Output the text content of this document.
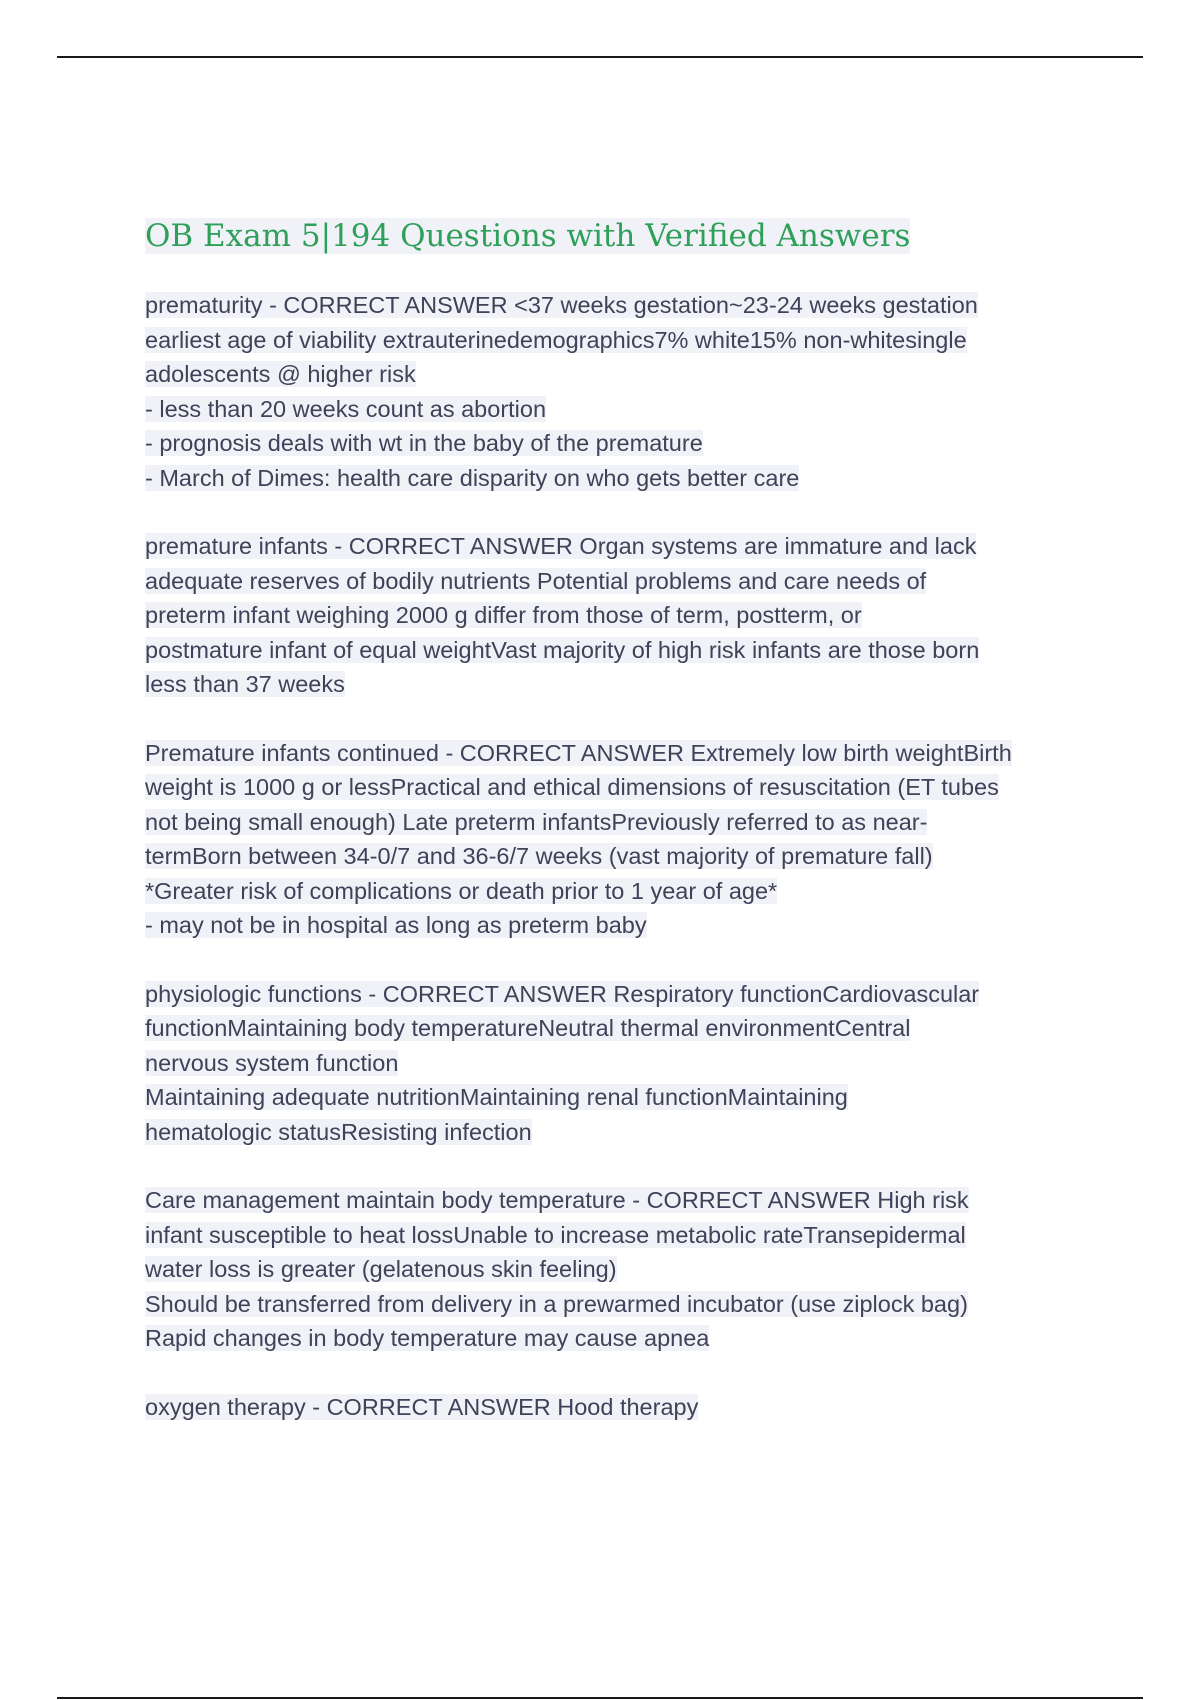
OB Exam 5|194 Questions with Verified Answers
prematurity - CORRECT ANSWER <37 weeks gestation~23-24 weeks gestation
earliest age of viability extrauterinedemographics7% white15% non-whitesingle
adolescents @ higher risk
- less than 20 weeks count as abortion
- prognosis deals with wt in the baby of the premature
- March of Dimes: health care disparity on who gets better care
premature infants - CORRECT ANSWER Organ systems are immature and lack
adequate reserves of bodily nutrients Potential problems and care needs of
preterm infant weighing 2000 g differ from those of term, postterm, or
postmature infant of equal weightVast majority of high risk infants are those born
less than 37 weeks
Premature infants continued - CORRECT ANSWER Extremely low birth weightBirth
weight is 1000 g or lessPractical and ethical dimensions of resuscitation (ET tubes
not being small enough) Late preterm infantsPreviously referred to as near-
termBorn between 34-0/7 and 36-6/7 weeks (vast majority of premature fall)
*Greater risk of complications or death prior to 1 year of age*
- may not be in hospital as long as preterm baby
physiologic functions - CORRECT ANSWER Respiratory functionCardiovascular
functionMaintaining body temperatureNeutral thermal environmentCentral
nervous system function
Maintaining adequate nutritionMaintaining renal functionMaintaining
hematologic statusResisting infection
Care management maintain body temperature - CORRECT ANSWER High risk
infant susceptible to heat lossUnable to increase metabolic rateTransepidermal
water loss is greater (gelatenous skin feeling)
Should be transferred from delivery in a prewarmed incubator (use ziplock bag)
Rapid changes in body temperature may cause apnea
oxygen therapy - CORRECT ANSWER Hood therapy
